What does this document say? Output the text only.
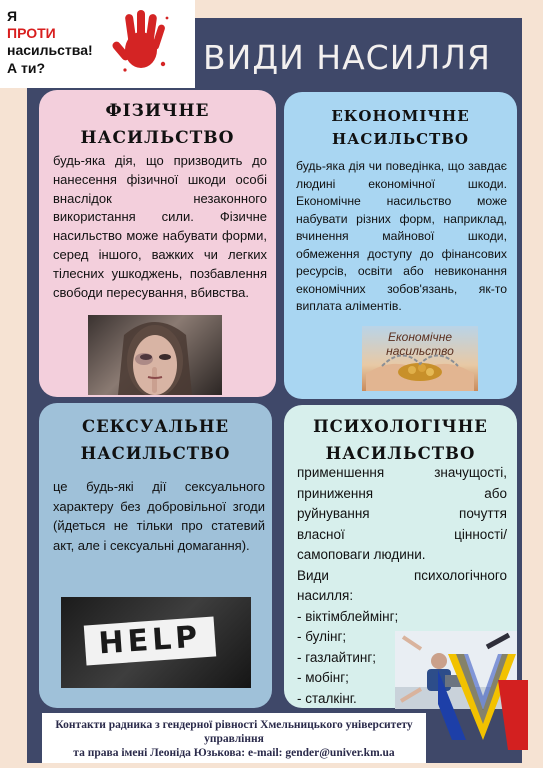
Я
ПРОТИ
насильства!
А ти?	ВИДИ НАСИЛЛЯ
ФІЗИЧНЕ
НАСИЛЬСТВО

будь-яка дія, що призводить до нанесення фізичної шкоди особі внаслідок незаконного використання сили. Фізичне насильство може набувати форми, серед іншого, важких чи легких тілесних ушкоджень, позбавлення свободи пересування, вбивства.

ЕКОНОМІЧНЕ
НАСИЛЬСТВО

будь-яка дія чи поведінка, що завдає людині економічної шкоди. Економічне насильство може набувати різних форм, наприклад, вчинення майнової шкоди, обмеження доступу до фінансових ресурсів, освіти або невиконання економічних зобов'язань, як-то виплата аліментів.

СЕКСУАЛЬНЕ
НАСИЛЬСТВО

це будь-які дії сексуального характеру без добровільної згоди (йдеться не тільки про статевий акт, але і сексуальні домагання).

ПСИХОЛОГІЧНЕ
НАСИЛЬСТВО
применшення значущості,
приниження або
руйнування почуття
власної цінності/
самоповаги людини.
Види психологічного
насилля:
- віктімблеймінг;
- булінг;
- газлайтинг;
- мобінг;
- сталкінг.
Економічне
насильство
HELP

Контакти радника з гендерної рівності Хмельницького університету управління
та права імені Леоніда Юзькова: e-mail: gender@univer.km.ua
